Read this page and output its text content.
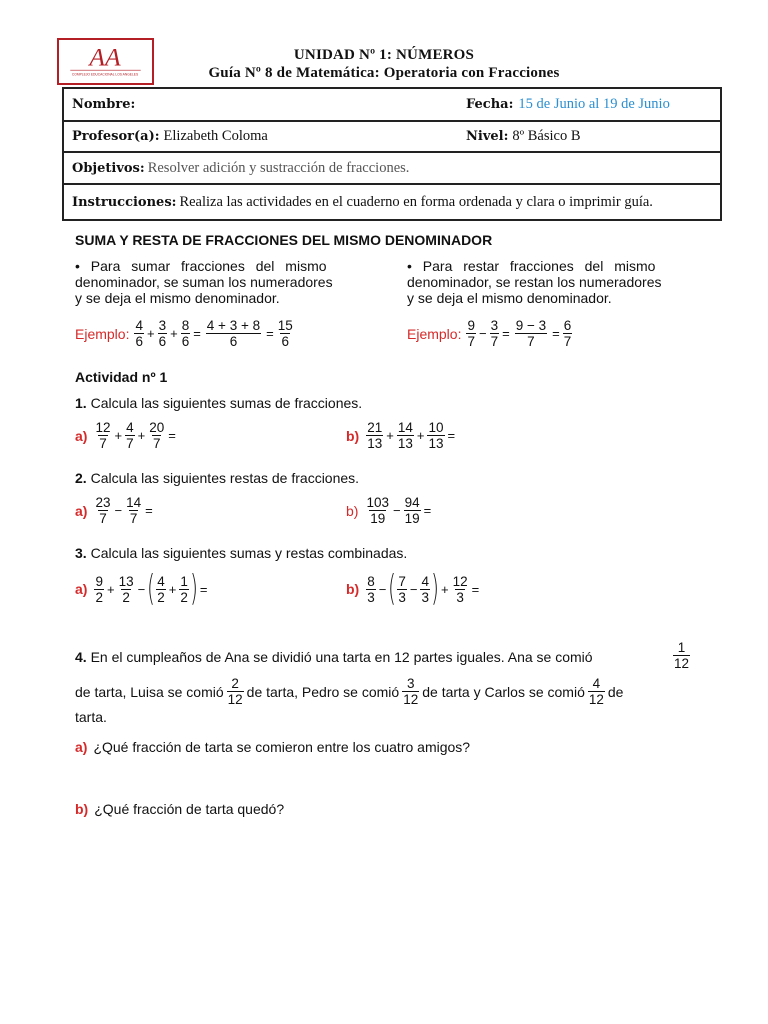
AA
COMPLEJO EDUCACIONAL LOS ANGELES
UNIDAD Nº 1: NÚMEROS
Guía Nº 8 de Matemática: Operatoria con Fracciones
Nombre:	Fecha: 15 de Junio al 19 de Junio
Profesor(a): Elizabeth Coloma	Nivel: 8º Básico B
Objetivos: Resolver adición y sustracción de fracciones.
Instrucciones: Realiza las actividades en el cuaderno en forma ordenada y clara o imprimir guía.
SUMA Y RESTA DE FRACCIONES DEL MISMO DENOMINADOR
• Para sumar fracciones del mismo
denominador, se suman los numeradores
y se deja el mismo denominador.
• Para restar fracciones del mismo
denominador, se restan los numeradores
y se deja el mismo denominador.
Ejemplo: $\frac{4}{6} + \frac{3}{6} + \frac{8}{6} = \frac{4 + 3 + 8}{6} = \frac{15}{6}$	Ejemplo: $\frac{9}{7} - \frac{3}{7} = \frac{9 - 3}{7} = \frac{6}{7}$
Actividad nº 1
1. Calcula las siguientes sumas de fracciones.
$a) \frac{12}{7} + \frac{4}{7} + \frac{20}{7}$ =	$b) \frac{21}{13} + \frac{14}{13} + \frac{10}{13}$ =
2. Calcula las siguientes restas de fracciones.
$a) \frac{23}{7} - \frac{14}{7}$ =	$b) \frac{103}{19} - \frac{94}{19}$ =
3. Calcula las siguientes sumas y restas combinadas.
$a) \frac{9}{2} + \frac{13}{2}$ − ( $\frac{4}{2} + \frac{1}{2}$ ) =	$b) \frac{8}{3}$ − ( $\frac{7}{3} - \frac{4}{3}$ ) + $\frac{12}{3}$ =
4.
En el cumpleaños de Ana se dividió una tarta en 12 partes iguales. Ana se comió	$\frac{1}{12}$
de tarta, Luisa se comió $\frac{2}{12}$ de tarta, Pedro se comió $\frac{3}{12}$ de tarta y Carlos se comió $\frac{4}{12}$ de
tarta.
a) ¿Qué fracción de tarta se comieron entre los cuatro amigos?
b) ¿Qué fracción de tarta quedó?
